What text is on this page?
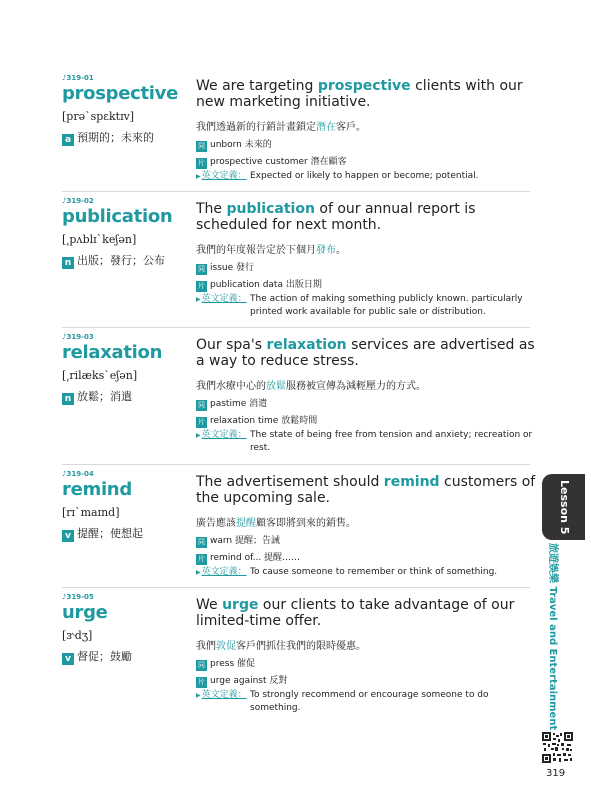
♪319-01
prospective
[prəˋspɛktɪv]
a 預期的；未來的
We are targeting prospective clients with our new marketing initiative.
我們透過新的行銷計畫鎖定潛在客戶。
同 unborn 未來的
片 prospective customer 潛在顧客
▶英文定義： Expected or likely to happen or become; potential.
♪319-02
publication
[͵pʌblɪˋkeʃən]
n 出版；發行；公布
The publication of our annual report is scheduled for next month.
我們的年度報告定於下個月發布。
同 issue 發行
片 publication data 出版日期
▶英文定義： The action of making something publicly known. particularly printed work available for public sale or distribution.
♪319-03
relaxation
[͵rilæksˋeʃən]
n 放鬆；消遣
Our spa's relaxation services are advertised as a way to reduce stress.
我們水療中心的放鬆服務被宣傳為減輕壓力的方式。
同 pastime 消遣
片 relaxation time 放鬆時間
▶英文定義： The state of being free from tension and anxiety; recreation or rest.
♪319-04
remind
[rɪˋmaɪnd]
v 提醒；使想起
The advertisement should remind customers of the upcoming sale.
廣告應該提醒顧客即將到來的銷售。
同 warn 提醒；告誡
片 remind of... 提醒……
▶英文定義： To cause someone to remember or think of something.
♪319-05
urge
[ɝdʒ]
v 督促；鼓勵
We urge our clients to take advantage of our limited-time offer.
我們敦促客戶們抓住我們的限時優惠。
同 press 催促
片 urge against 反對
▶英文定義： To strongly recommend or encourage someone to do something.
Lesson 5
旅遊娛樂 Travel and Entertainment
319
